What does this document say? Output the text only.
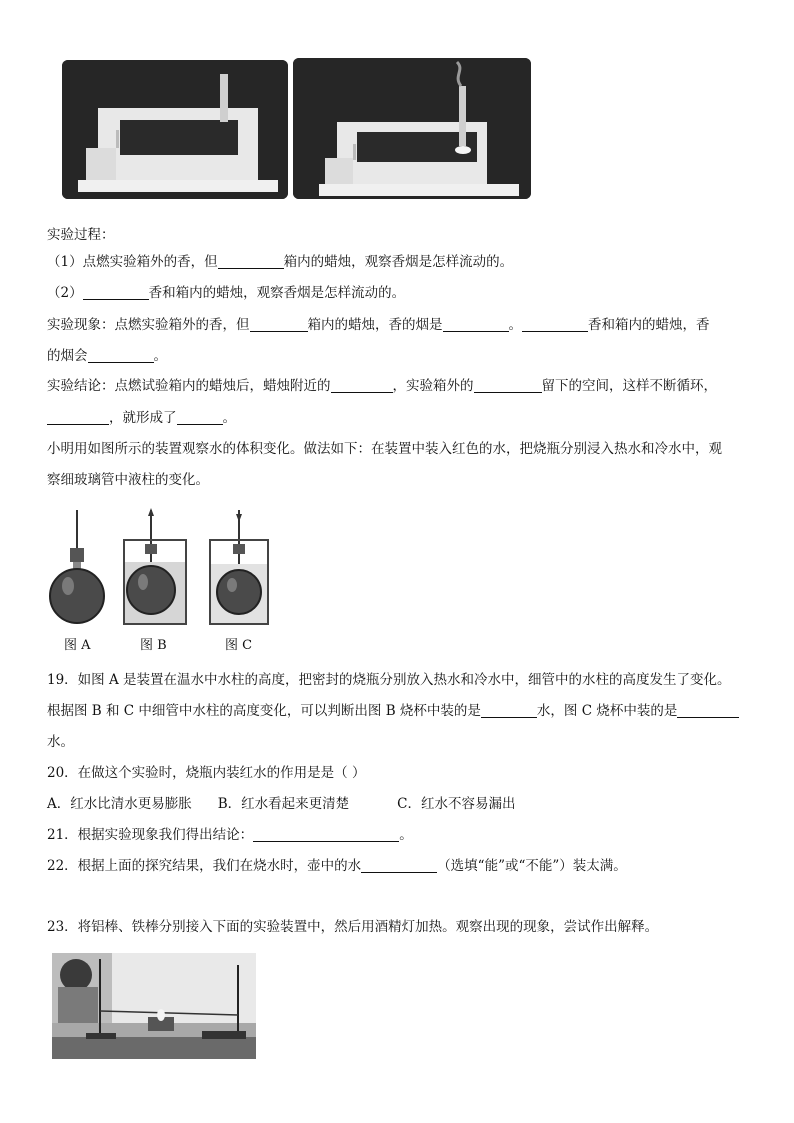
实验过程：
（1）点燃实验箱外的香，但	箱内的蜡烛，观察香烟是怎样流动的。
（2）	香和箱内的蜡烛，观察香烟是怎样流动的。
实验现象：点燃实验箱外的香，但	箱内的蜡烛，香的烟是	。	香和箱内的蜡烛，香
的烟会	。
实验结论：点燃试验箱内的蜡烛后，蜡烛附近的	，实验箱外的	留下的空间，这样不断循环，
，就形成了	。
小明用如图所示的装置观察水的体积变化。做法如下：在装置中装入红色的水，把烧瓶分别浸入热水和冷水中，观
察细玻璃管中液柱的变化。
图 A	图 B	图 C
19．如图 A 是装置在温水中水柱的高度，把密封的烧瓶分别放入热水和冷水中，细管中的水柱的高度发生了变化。
根据图 B 和 C 中细管中水柱的高度变化，可以判断出图 B 烧杯中装的是	水，图 C 烧杯中装的是
水。
20．在做这个实验时，烧瓶内装红水的作用是是（ ）
A．红水比清水更易膨胀 B．红水看起来更清楚	C．红水不容易漏出
21．根据实验现象我们得出结论：	。
22．根据上面的探究结果，我们在烧水时，壶中的水	（选填“能”或“不能”）装太满。
23．将铝棒、铁棒分别接入下面的实验装置中，然后用酒精灯加热。观察出现的现象，尝试作出解释。
